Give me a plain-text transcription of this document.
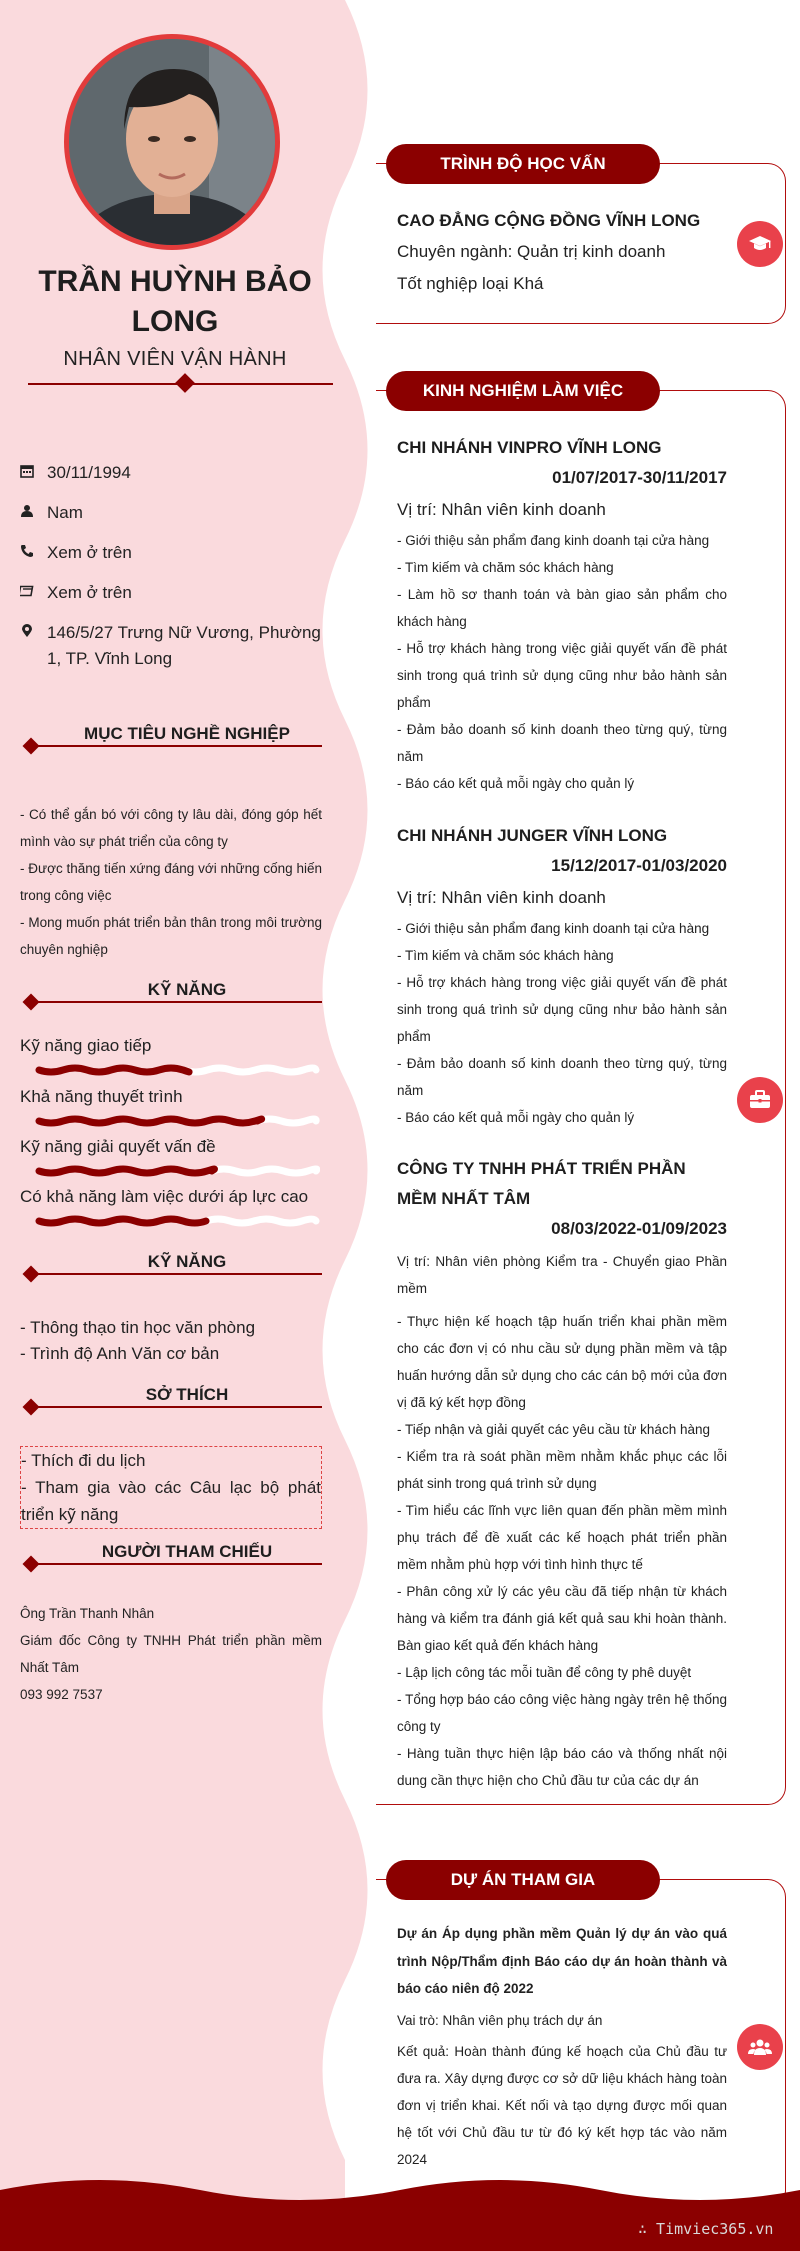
TRẦN HUỲNH BẢO
LONG
NHÂN VIÊN VẬN HÀNH
30/11/1994
Nam
Xem ở trên
Xem ở trên
146/5/27 Trưng Nữ Vương, Phường 1, TP. Vĩnh Long
MỤC TIÊU NGHỀ NGHIỆP
- Có thể gắn bó với công ty lâu dài, đóng góp hết mình vào sự phát triển của công ty
- Được thăng tiến xứng đáng với những cống hiến trong công việc
- Mong muốn phát triển bản thân trong môi trường chuyên nghiệp
KỸ NĂNG
Kỹ năng giao tiếp
Khả năng thuyết trình
Kỹ năng giải quyết vấn đề
Có khả năng làm việc dưới áp lực cao
KỸ NĂNG
- Thông thạo tin học văn phòng
- Trình độ Anh Văn cơ bản
SỞ THÍCH
- Thích đi du lịch
- Tham gia vào các Câu lạc bộ phát triển kỹ năng
NGƯỜI THAM CHIẾU
Ông Trần Thanh Nhân
Giám đốc Công ty TNHH Phát triển phần mềm Nhất Tâm
093 992 7537
TRÌNH ĐỘ HỌC VẤN
CAO ĐẲNG CỘNG ĐỒNG VĨNH LONG
Chuyên ngành: Quản trị kinh doanh
Tốt nghiệp loại Khá
KINH NGHIỆM LÀM VIỆC
CHI NHÁNH VINPRO VĨNH LONG
01/07/2017-30/11/2017
Vị trí: Nhân viên kinh doanh
- Giới thiệu sản phẩm đang kinh doanh tại cửa hàng
- Tìm kiếm và chăm sóc khách hàng
- Làm hồ sơ thanh toán và bàn giao sản phẩm cho khách hàng
- Hỗ trợ khách hàng trong việc giải quyết vấn đề phát sinh trong quá trình sử dụng cũng như bảo hành sản phẩm
- Đảm bảo doanh số kinh doanh theo từng quý, từng năm
- Báo cáo kết quả mỗi ngày cho quản lý
CHI NHÁNH JUNGER VĨNH LONG
15/12/2017-01/03/2020
Vị trí: Nhân viên kinh doanh
- Giới thiệu sản phẩm đang kinh doanh tại cửa hàng
- Tìm kiếm và chăm sóc khách hàng
- Hỗ trợ khách hàng trong việc giải quyết vấn đề phát sinh trong quá trình sử dụng cũng như bảo hành sản phẩm
- Đảm bảo doanh số kinh doanh theo từng quý, từng năm
- Báo cáo kết quả mỗi ngày cho quản lý
CÔNG TY TNHH PHÁT TRIỂN PHẦN MỀM NHẤT TÂM
08/03/2022-01/09/2023
Vị trí: Nhân viên phòng Kiểm tra - Chuyển giao Phần mềm
- Thực hiện kế hoạch tập huấn triển khai phần mềm cho các đơn vị có nhu cầu sử dụng phần mềm và tập huấn hướng dẫn sử dụng cho các cán bộ mới của đơn vị đã ký kết hợp đồng
- Tiếp nhận và giải quyết các yêu cầu từ khách hàng
- Kiểm tra rà soát phần mềm nhằm khắc phục các lỗi phát sinh trong quá trình sử dụng
- Tìm hiểu các lĩnh vực liên quan đến phần mềm mình phụ trách để đề xuất các kế hoạch phát triển phần mềm nhằm phù hợp với tình hình thực tế
- Phân công xử lý các yêu cầu đã tiếp nhận từ khách hàng và kiểm tra đánh giá kết quả sau khi hoàn thành. Bàn giao kết quả đến khách hàng
- Lập lịch công tác mỗi tuần để công ty phê duyệt
- Tổng hợp báo cáo công việc hàng ngày trên hệ thống công ty
- Hàng tuần thực hiện lập báo cáo và thống nhất nội dung cần thực hiện cho Chủ đầu tư của các dự án
DỰ ÁN THAM GIA
Dự án Áp dụng phần mềm Quản lý dự án vào quá trình Nộp/Thẩm định Báo cáo dự án hoàn thành và báo cáo niên độ 2022
Vai trò: Nhân viên phụ trách dự án
Kết quả: Hoàn thành đúng kế hoạch của Chủ đầu tư đưa ra. Xây dựng được cơ sở dữ liệu khách hàng toàn đơn vị triển khai. Kết nối và tạo dựng được mối quan hệ tốt với Chủ đầu tư từ đó ký kết hợp tác vào năm 2024
∴ Timviec365.vn
